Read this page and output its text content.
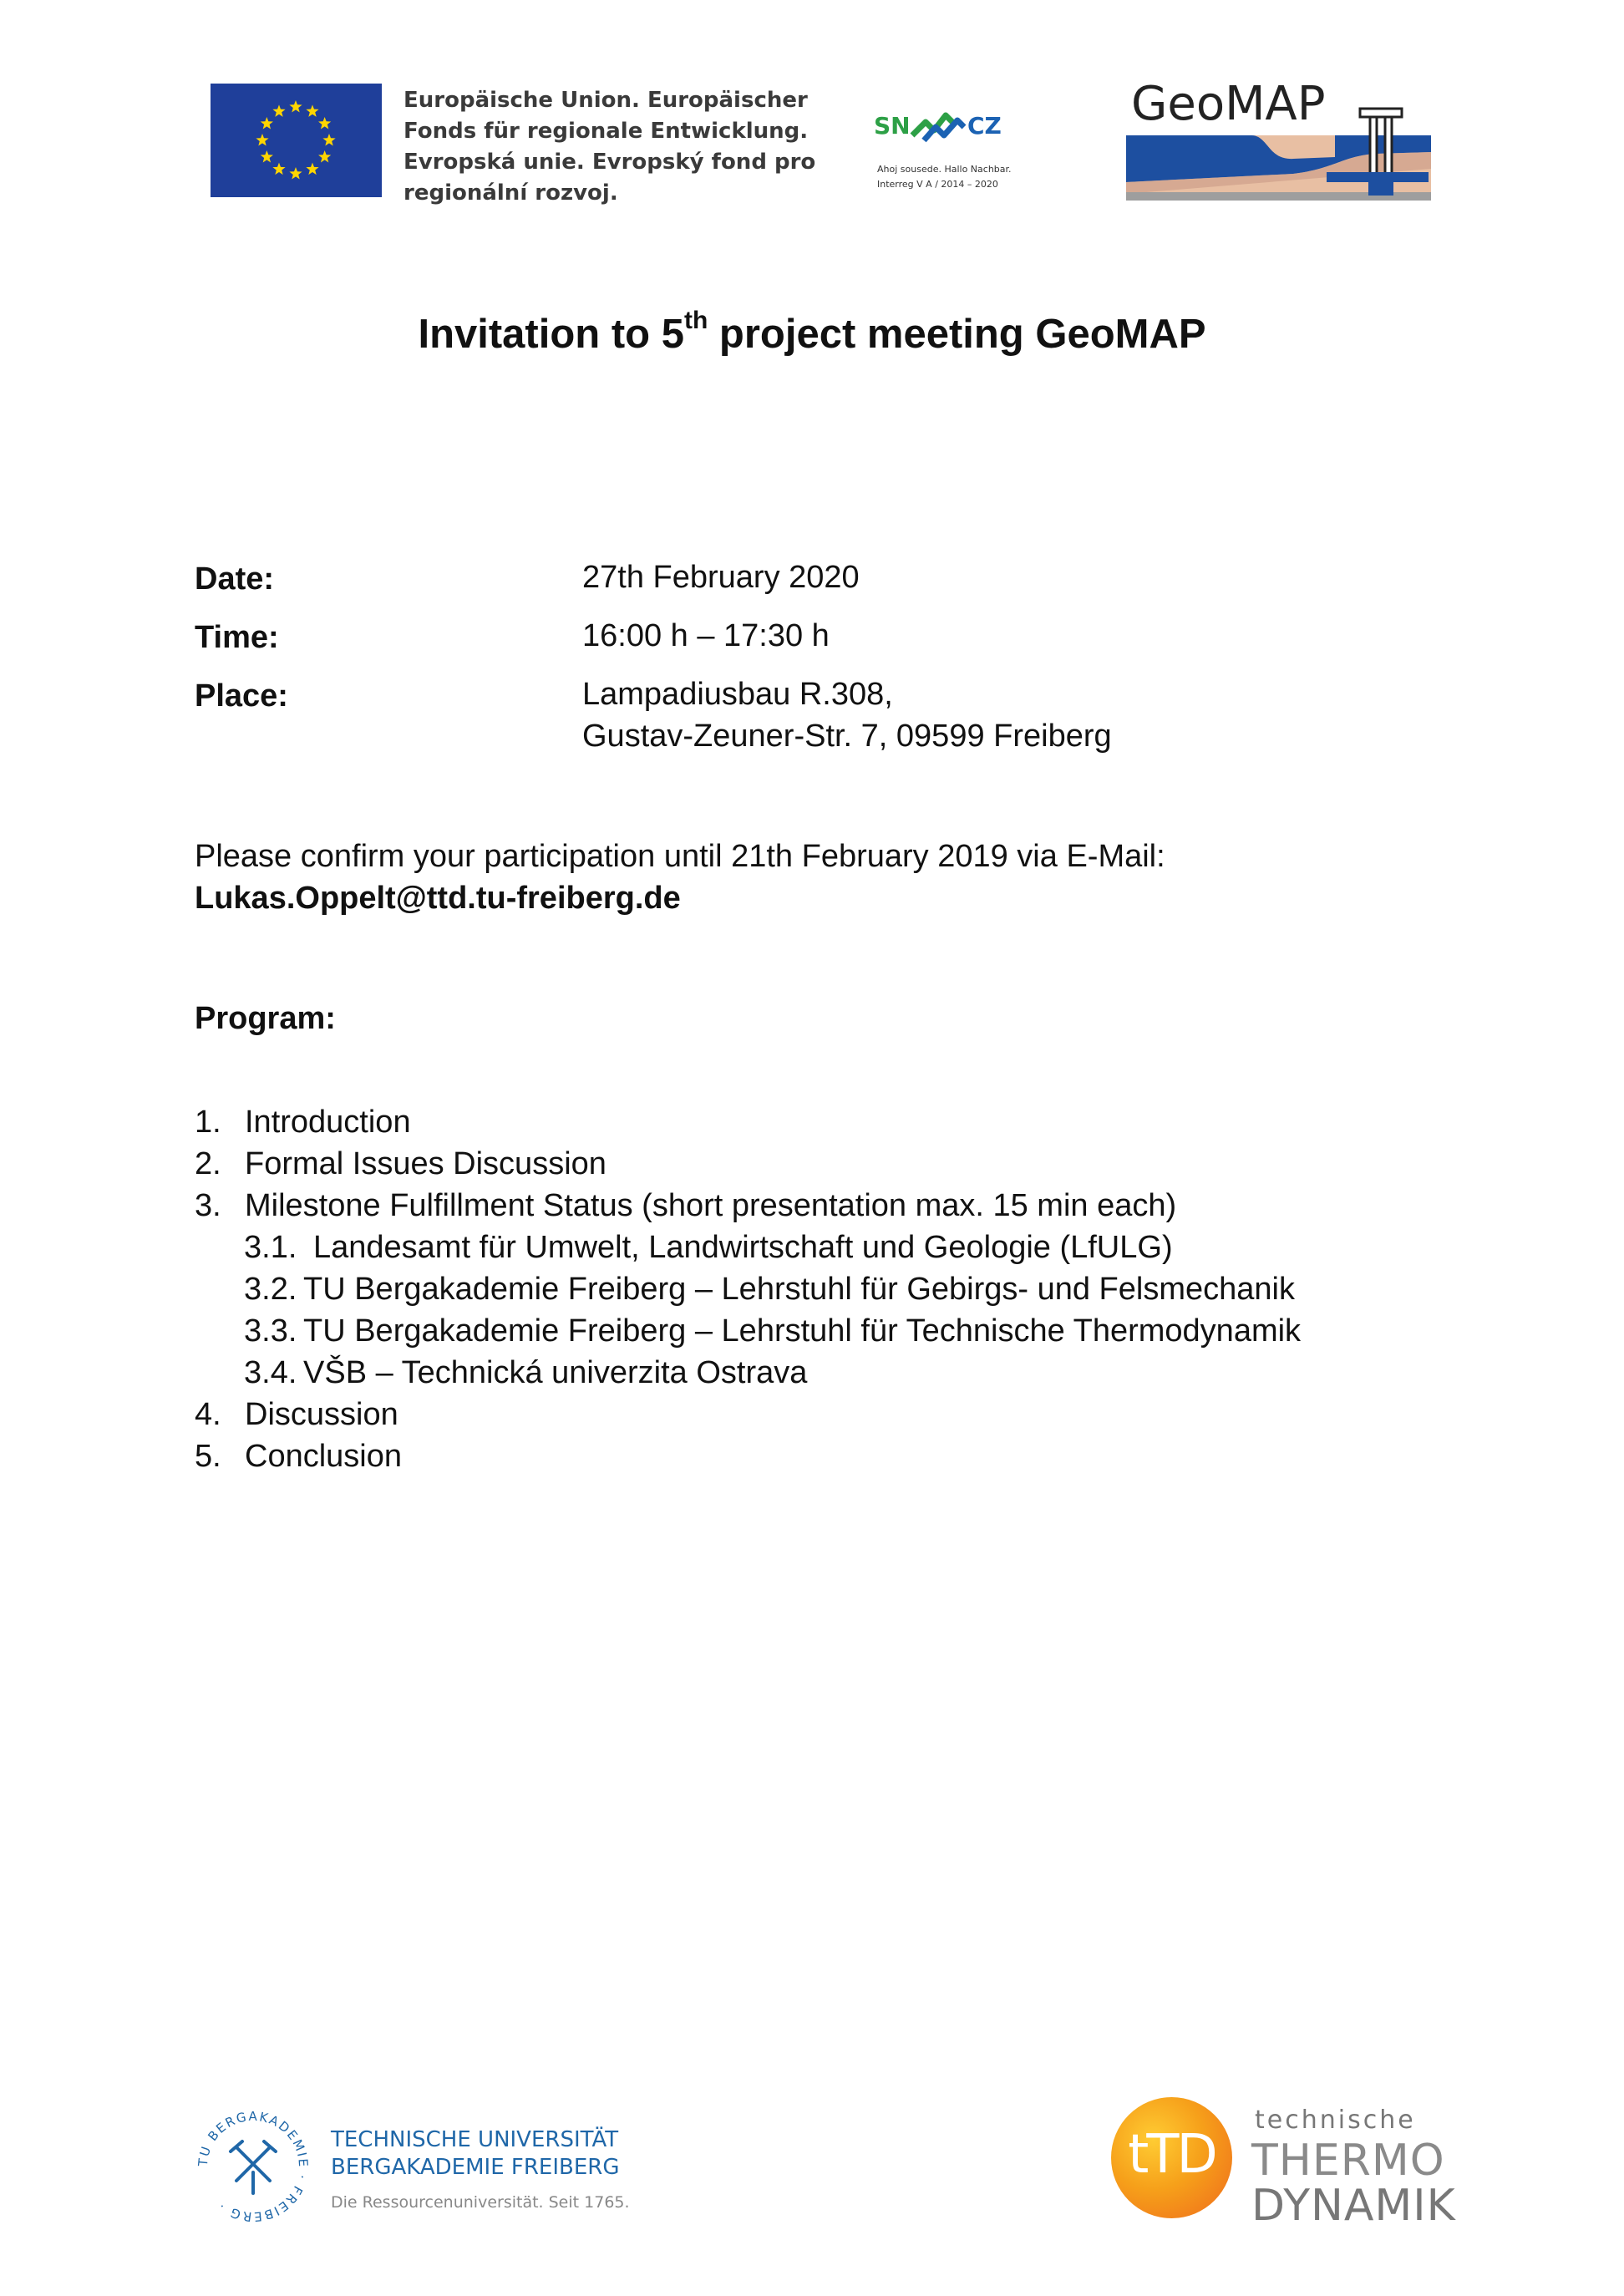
Europäische Union. Europäischer
Fonds für regionale Entwicklung.
Evropská unie. Evropský fond pro
regionální rozvoj.
SN CZ
Ahoj sousede. Hallo Nachbar.
Interreg V A / 2014 – 2020
GeoMAP
Invitation to 5th project meeting GeoMAP
Date:	27th February 2020
Time:	16:00 h – 17:30 h
Place:	Lampadiusbau R.308,
Gustav-Zeuner-Str. 7, 09599 Freiberg
Please confirm your participation until 21th February 2019 via E-Mail:
Lukas.Oppelt@ttd.tu-freiberg.de
Program:
1. Introduction
2. Formal Issues Discussion
3. Milestone Fulfillment Status (short presentation max. 15 min each)
3.1. Landesamt für Umwelt, Landwirtschaft und Geologie (LfULG)
3.2. TU Bergakademie Freiberg – Lehrstuhl für Gebirgs- und Felsmechanik
3.3. TU Bergakademie Freiberg – Lehrstuhl für Technische Thermodynamik
3.4. VŠB – Technická univerzita Ostrava
4. Discussion
5. Conclusion
TU BERGAKADEMIE · FREIBERG ·
TECHNISCHE UNIVERSITÄT
BERGAKADEMIE FREIBERG
Die Ressourcenuniversität. Seit 1765.
tTD
technische
THERMO
DYNAMIK
